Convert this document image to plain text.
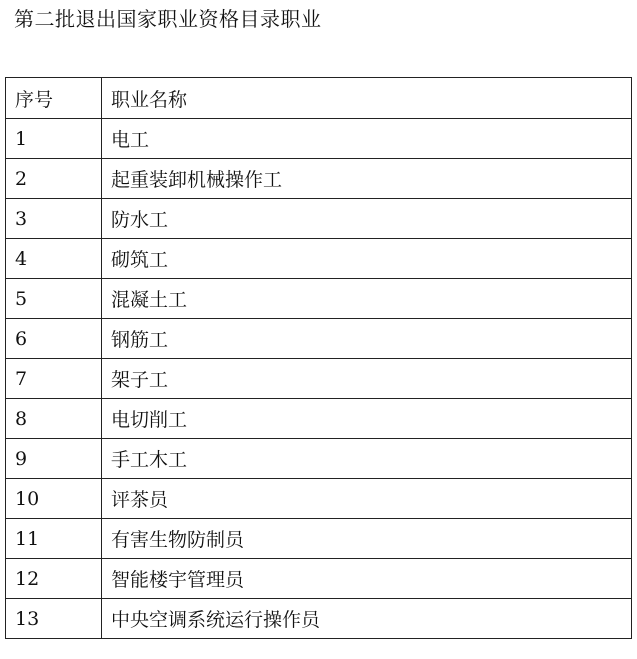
第二批退出国家职业资格目录职业
序号	职业名称
1	电工
2	起重装卸机械操作工
3	防水工
4	砌筑工
5	混凝土工
6	钢筋工
7	架子工
8	电切削工
9	手工木工
10	评茶员
11	有害生物防制员
12	智能楼宇管理员
13	中央空调系统运行操作员
